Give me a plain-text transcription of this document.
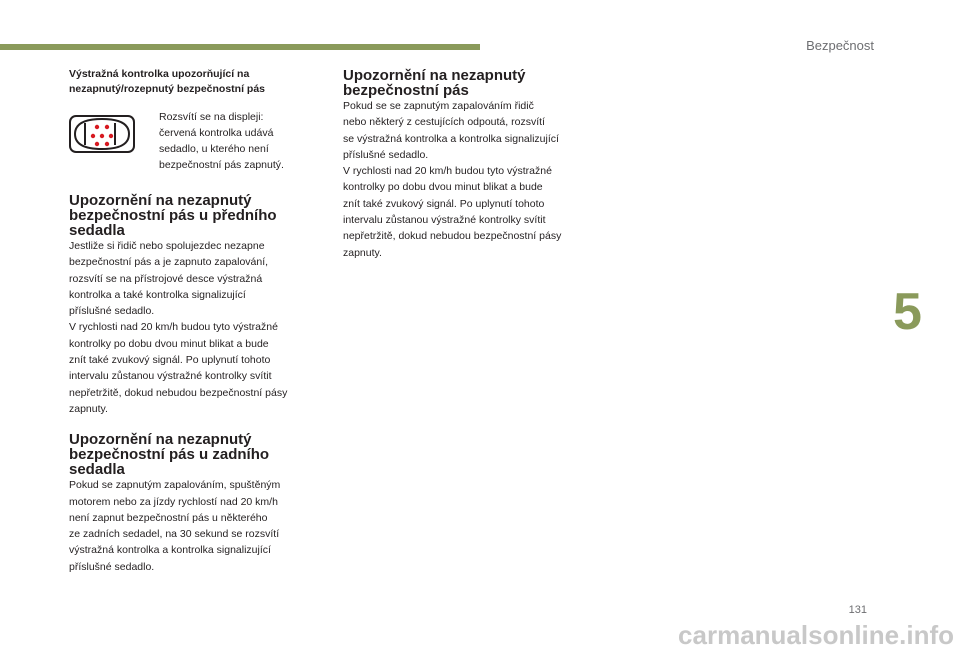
Bezpečnost
5

Výstražná kontrolka upozorňující na
nezapnutý/rozepnutý bezpečnostní pás

Rozsvítí se na displeji:
červená kontrolka udává
sedadlo, u kterého není
bezpečnostní pás zapnutý.

Upozornění na nezapnutý
bezpečnostní pás u předního
sedadla

Jestliže si řidič nebo spolujezdec nezapne
bezpečnostní pás a je zapnuto zapalování,
rozsvítí se na přístrojové desce výstražná
kontrolka a také kontrolka signalizující
příslušné sedadlo.
V rychlosti nad 20 km/h budou tyto výstražné
kontrolky po dobu dvou minut blikat a bude
znít také zvukový signál. Po uplynutí tohoto
intervalu zůstanou výstražné kontrolky svítit
nepřetržitě, dokud nebudou bezpečnostní pásy
zapnuty.

Upozornění na nezapnutý
bezpečnostní pás u zadního
sedadla

Pokud se zapnutým zapalováním, spuštěným
motorem nebo za jízdy rychlostí nad 20 km/h
není zapnut bezpečnostní pás u některého
ze zadních sedadel, na 30 sekund se rozsvítí
výstražná kontrolka a kontrolka signalizující
příslušné sedadlo.

Upozornění na nezapnutý
bezpečnostní pás

Pokud se se zapnutým zapalováním řidič
nebo některý z cestujících odpoutá, rozsvítí
se výstražná kontrolka a kontrolka signalizující
příslušné sedadlo.
V rychlosti nad 20 km/h budou tyto výstražné
kontrolky po dobu dvou minut blikat a bude
znít také zvukový signál. Po uplynutí tohoto
intervalu zůstanou výstražné kontrolky svítit
nepřetržitě, dokud nebudou bezpečnostní pásy
zapnuty.

131
carmanualsonline.info
